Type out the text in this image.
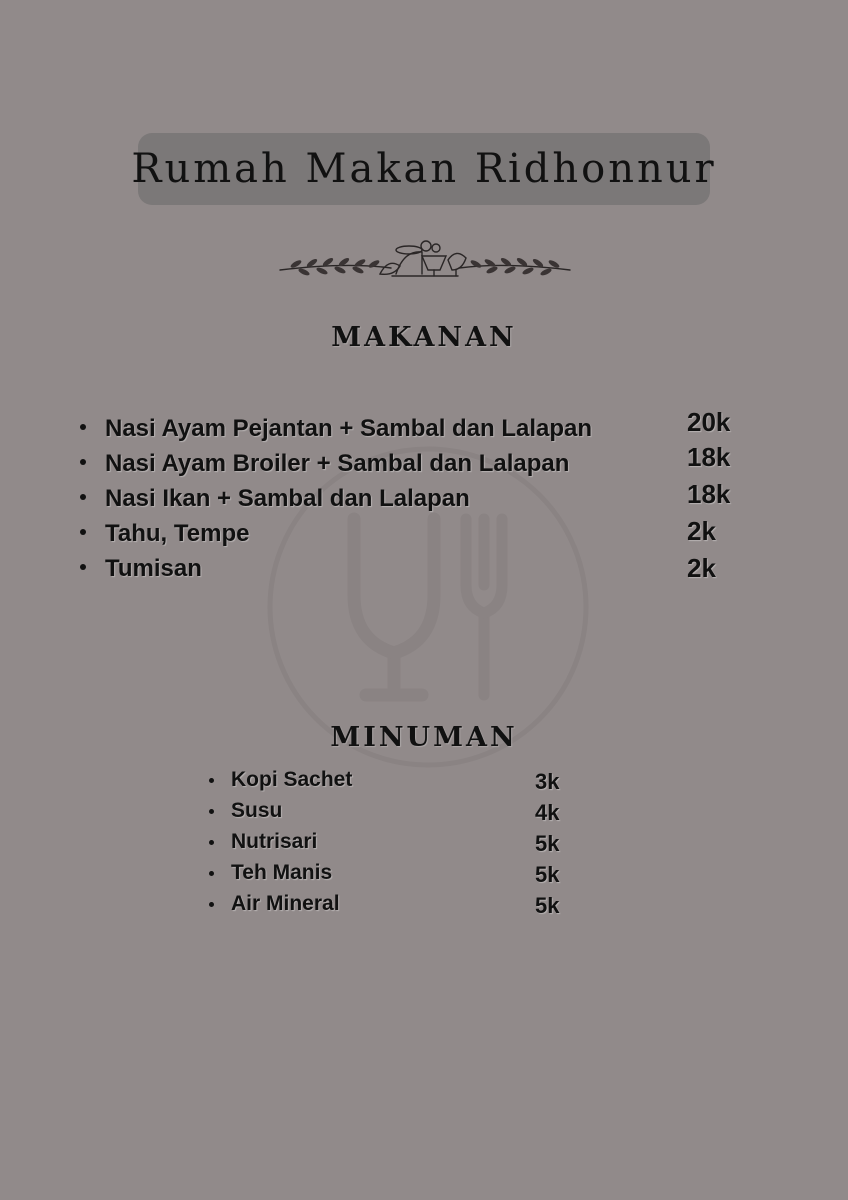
Rumah Makan Ridhonnur
MAKANAN
Nasi Ayam Pejantan + Sambal dan Lalapan	20k
Nasi Ayam Broiler + Sambal dan Lalapan	18k
Nasi Ikan + Sambal dan Lalapan	18k
Tahu, Tempe	2k
Tumisan	2k
MINUMAN
Kopi Sachet	3k
Susu	4k
Nutrisari	5k
Teh Manis	5k
Air Mineral	5k
